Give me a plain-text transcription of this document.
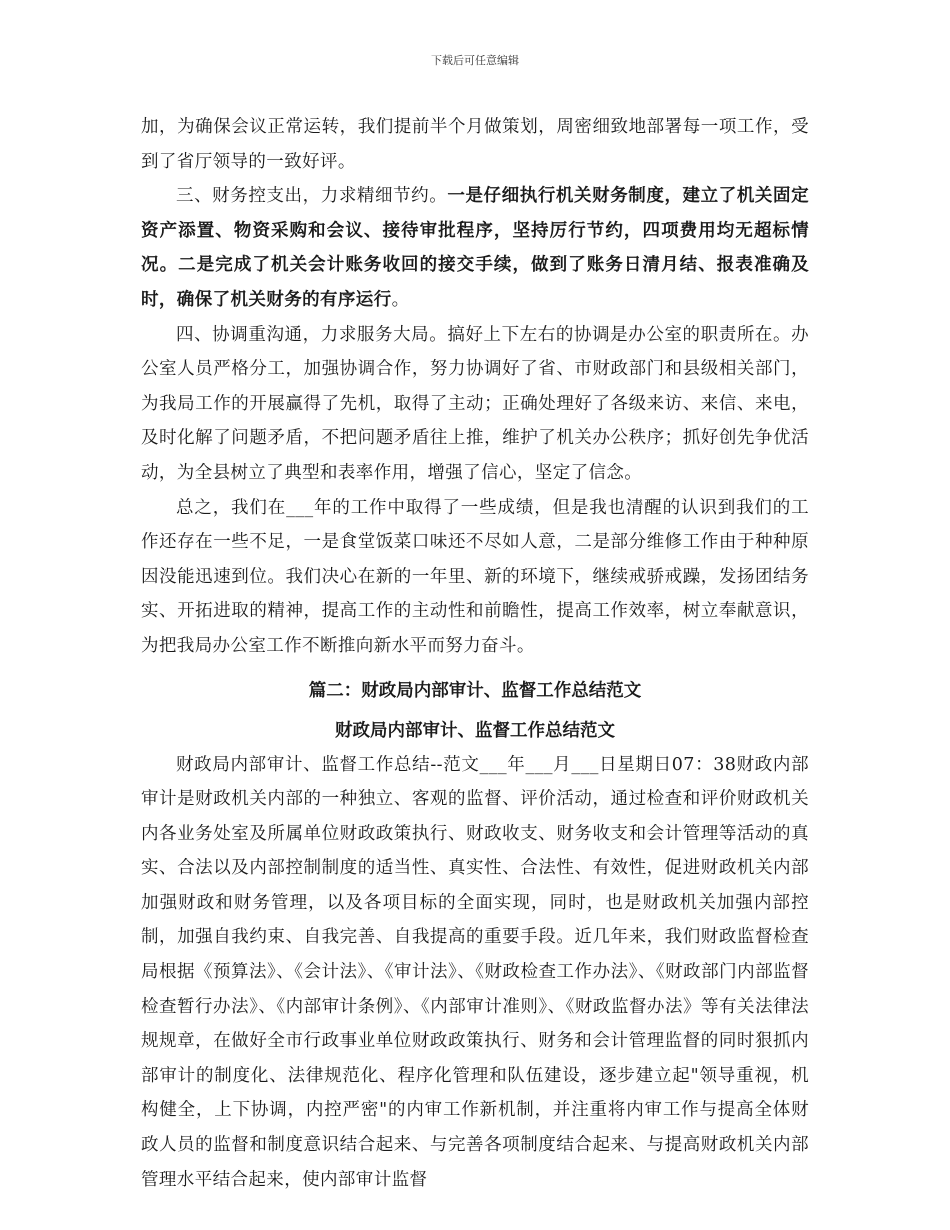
下载后可任意编辑

加，为确保会议正常运转，我们提前半个月做策划，周密细致地部署每一项工作，受到了省厅领导的一致好评。

三、财务控支出，力求精细节约。一是仔细执行机关财务制度，建立了机关固定资产添置、物资采购和会议、接待审批程序，坚持厉行节约，四项费用均无超标情况。二是完成了机关会计账务收回的接交手续，做到了账务日清月结、报表准确及时，确保了机关财务的有序运行。

四、协调重沟通，力求服务大局。搞好上下左右的协调是办公室的职责所在。办公室人员严格分工，加强协调合作，努力协调好了省、市财政部门和县级相关部门，为我局工作的开展赢得了先机，取得了主动；正确处理好了各级来访、来信、来电，及时化解了问题矛盾，不把问题矛盾往上推，维护了机关办公秩序；抓好创先争优活动，为全县树立了典型和表率作用，增强了信心，坚定了信念。

总之，我们在___年的工作中取得了一些成绩，但是我也清醒的认识到我们的工作还存在一些不足，一是食堂饭菜口味还不尽如人意，二是部分维修工作由于种种原因没能迅速到位。我们决心在新的一年里、新的环境下，继续戒骄戒躁，发扬团结务实、开拓进取的精神，提高工作的主动性和前瞻性，提高工作效率，树立奉献意识，为把我局办公室工作不断推向新水平而努力奋斗。

篇二：财政局内部审计、监督工作总结范文
财政局内部审计、监督工作总结范文

财政局内部审计、监督工作总结--范文___年___月___日星期日07：38财政内部审计是财政机关内部的一种独立、客观的监督、评价活动，通过检查和评价财政机关内各业务处室及所属单位财政政策执行、财政收支、财务收支和会计管理等活动的真实、合法以及内部控制制度的适当性、真实性、合法性、有效性，促进财政机关内部加强财政和财务管理，以及各项目标的全面实现，同时，也是财政机关加强内部控制，加强自我约束、自我完善、自我提高的重要手段。近几年来，我们财政监督检查局根据《预算法》、《会计法》、《审计法》、《财政检查工作办法》、《财政部门内部监督检查暂行办法》、《内部审计条例》、《内部审计准则》、《财政监督办法》等有关法律法规规章，在做好全市行政事业单位财政政策执行、财务和会计管理监督的同时狠抓内部审计的制度化、法律规范化、程序化管理和队伍建设，逐步建立起"领导重视，机构健全，上下协调，内控严密"的内审工作新机制，并注重将内审工作与提高全体财政人员的监督和制度意识结合起来、与完善各项制度结合起来、与提高财政机关内部管理水平结合起来，使内部审计监督
